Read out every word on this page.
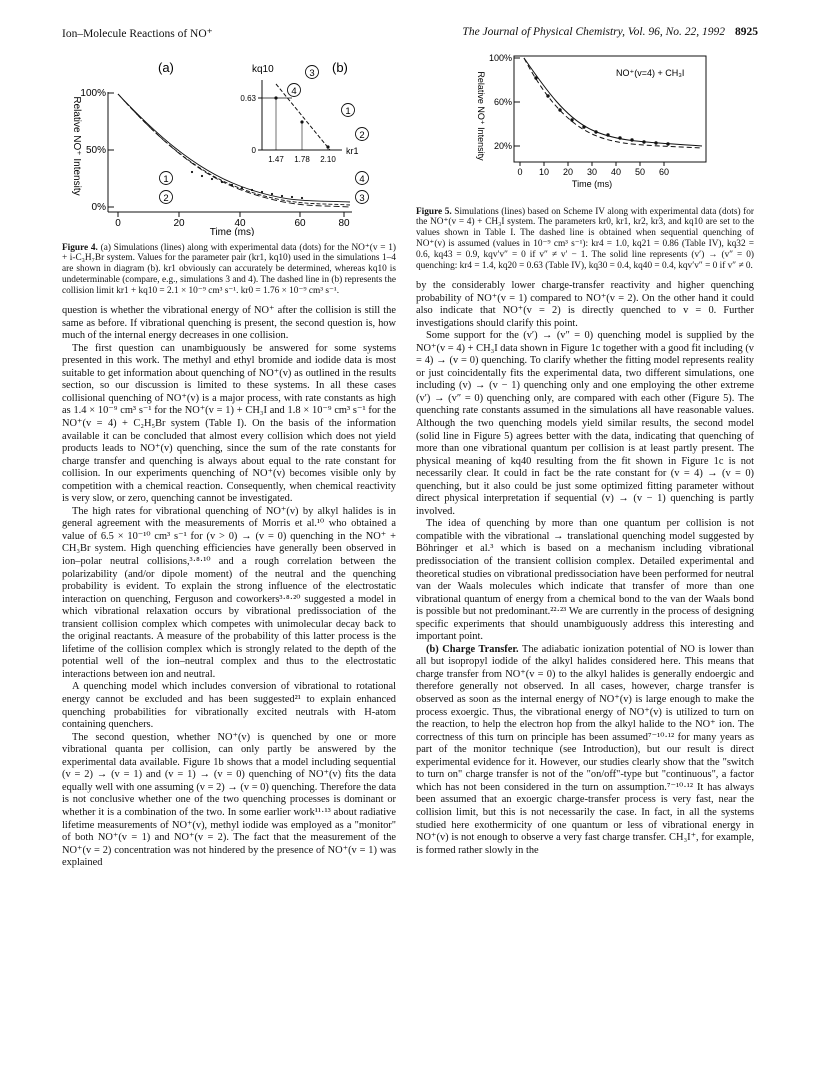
Ion–Molecule Reactions of NO⁺	The Journal of Physical Chemistry, Vol. 96, No. 22, 1992 8925
Relative NO⁺ Intensity
(a)	(b)
100%
50%
0%
0	20	40	60	80
Time (ms)
1
2
4
3
kq10
0.63
0
1.47 1.78 2.10
kr1
3
4
1
2
Figure 4. (a) Simulations (lines) along with experimental data (dots) for the NO⁺(v = 1) + i-C₃H₇Br system. Values for the parameter pair (kr1, kq10) used in the simulations 1–4 are shown in diagram (b). kr1 obviously can accurately be determined, whereas kq10 is undeterminable (compare, e.g., simulations 3 and 4). The dashed line in (b) represents the collision limit kr1 + kq10 = 2.1 × 10⁻⁹ cm³ s⁻¹. kr0 = 1.76 × 10⁻⁹ cm³ s⁻¹.

question is whether the vibrational energy of NO⁺ after the collision is still the same as before. If vibrational quenching is present, the second question is, how much of the internal energy decreases in one collision.

The first question can unambiguously be answered for some systems presented in this work. The methyl and ethyl bromide and iodide data is most suitable to get information about quenching of NO⁺(v) as outlined in the results section, so our discussion is limited to these systems. In all these cases collisional quenching of NO⁺(v) is a major process, with rate constants as high as 1.4 × 10⁻⁹ cm³ s⁻¹ for the NO⁺(v = 1) + CH₃I and 1.8 × 10⁻⁹ cm³ s⁻¹ for the NO⁺(v = 4) + C₂H₅Br system (Table I). On the basis of the information available it can be concluded that almost every collision which does not yield products leads to NO⁺(v) quenching, since the sum of the rate constants for charge transfer and quenching is always about equal to the rate constant for collision. In our experiments quenching of NO⁺(v) becomes visible only by competition with a chemical reaction. Consequently, when chemical reactivity is very slow, or zero, quenching cannot be investigated.

The high rates for vibrational quenching of NO⁺(v) by alkyl halides is in general agreement with the measurements of Morris et al.¹⁰ who obtained a value of 6.5 × 10⁻¹⁰ cm³ s⁻¹ for (v > 0) → (v = 0) quenching in the NO⁺ + CH₃Br system. High quenching efficiencies have generally been observed in ion–polar neutral collisions,³·⁸·¹⁰ and a rough correlation between the polarizability (and/or dipole moment) of the neutral and the quenching probability is evident. To explain the strong influence of the electrostatic interaction on quenching, Ferguson and coworkers³·⁸·²⁰ suggested a model in which vibrational relaxation occurs by vibrational predissociation of the transient collision complex which competes with unimolecular decay back to the original reactants. A measure of the probability of this latter process is the lifetime of the collision complex which is strongly related to the depth of the potential well of the ion–neutral complex and thus to the electrostatic interactions between ion and neutral.

A quenching model which includes conversion of vibrational to rotational energy cannot be excluded and has been suggested²¹ to explain enhanced quenching probabilities for vibrationally excited neutrals with H-atom containing quenchers.

The second question, whether NO⁺(v) is quenched by one or more vibrational quanta per collision, can only partly be answered by the experimental data available. Figure 1b shows that a model including sequential (v = 2) → (v = 1) and (v = 1) → (v = 0) quenching of NO⁺(v) fits the data equally well with one assuming (v = 2) → (v = 0) quenching. Therefore the data is not conclusive whether one of the two quenching processes is dominant or whether it is a combination of the two. In some earlier work¹¹·¹³ about radiative lifetime measurements of NO⁺(v), methyl iodide was employed as a "monitor" of both NO⁺(v = 1) and NO⁺(v = 2). The fact that the measurement of the NO⁺(v = 2) concentration was not hindered by the presence of NO⁺(v = 1) was explained

Relative NO⁺ Intensity	NO⁺(v=4) + CH₃I
100%
60%
20%
0 10 20 30 40 50 60
Time (ms)
Figure 5. Simulations (lines) based on Scheme IV along with experimental data (dots) for the NO⁺(v = 4) + CH₃I system. The parameters kr0, kr1, kr2, kr3, and kq10 are set to the values shown in Table I. The dashed line is obtained when sequential quenching of NO⁺(v) is assumed (values in 10⁻⁹ cm³ s⁻¹): kr4 = 1.0, kq21 = 0.86 (Table IV), kq32 = 0.6, kq43 = 0.9, kqv′v″ = 0 if v″ ≠ v′ − 1. The solid line represents (v′) → (v″ = 0) quenching: kr4 = 1.4, kq20 = 0.63 (Table IV), kq30 = 0.4, kq40 = 0.4, kqv′v″ = 0 if v″ ≠ 0.

by the considerably lower charge-transfer reactivity and higher quenching probability of NO⁺(v = 1) compared to NO⁺(v = 2). On the other hand it could also indicate that NO⁺(v = 2) is directly quenched to v = 0. Further investigations should clarify this point.

Some support for the (v′) → (v″ = 0) quenching model is supplied by the NO⁺(v = 4) + CH₃I data shown in Figure 1c together with a good fit including (v = 4) → (v = 0) quenching. To clarify whether the fitting model represents reality or just coincidentally fits the experimental data, two different simulations, one including (v) → (v − 1) quenching only and one employing the other extreme (v′) → (v″ = 0) quenching only, are compared with each other (Figure 5). The quenching rate constants assumed in the simulations all have reasonable values. Although the two quenching models yield similar results, the second model (solid line in Figure 5) agrees better with the data, indicating that quenching of more than one vibrational quantum per collision is at least partly present. The physical meaning of kq40 resulting from the fit shown in Figure 1c is not necessarily clear. It could in fact be the rate constant for (v = 4) → (v = 0) quenching, but it also could be just some optimized fitting parameter without direct physical interpretation if sequential (v) → (v − 1) quenching is partly involved.

The idea of quenching by more than one quantum per collision is not compatible with the vibrational → translational quenching model suggested by Böhringer et al.³ which is based on a mechanism including vibrational predissociation of the transient collision complex. Detailed experimental and theoretical studies on vibrational predissociation have been performed for neutral van der Waals molecules which indicate that transfer of more than one vibrational quantum of energy from a chemical bond to the van der Waals bond is possible but not predominant.²²·²³ We are currently in the process of designing specific experiments that should unambiguously address this interesting and important point.

(b) Charge Transfer. The adiabatic ionization potential of NO is lower than all but isopropyl iodide of the alkyl halides considered here. This means that charge transfer from NO⁺(v = 0) to the alkyl halides is generally endoergic and therefore generally not observed. In all cases, however, charge transfer is observed as soon as the internal energy of NO⁺(v) is large enough to make the process exoergic. Thus, the vibrational energy of NO⁺(v) is utilized to turn on the reaction, to help the electron hop from the alkyl halide to the NO⁺ ion. The correctness of this turn on principle has been assumed⁷⁻¹⁰·¹² for many years as part of the monitor technique (see Introduction), but our result is direct experimental evidence for it. However, our studies clearly show that the "switch to turn on" charge transfer is not of the "on/off"-type but "continuous", a factor which has not been considered in the turn on assumption.⁷⁻¹⁰·¹² It has always been assumed that an exoergic charge-transfer process is very fast, near the collision limit, but this is not necessarily the case. In fact, in all the systems studied here exothermicity of one quantum or less of vibrational energy in NO⁺(v) is not enough to observe a very fast charge transfer. CH₃I⁺, for example, is formed rather slowly in the
